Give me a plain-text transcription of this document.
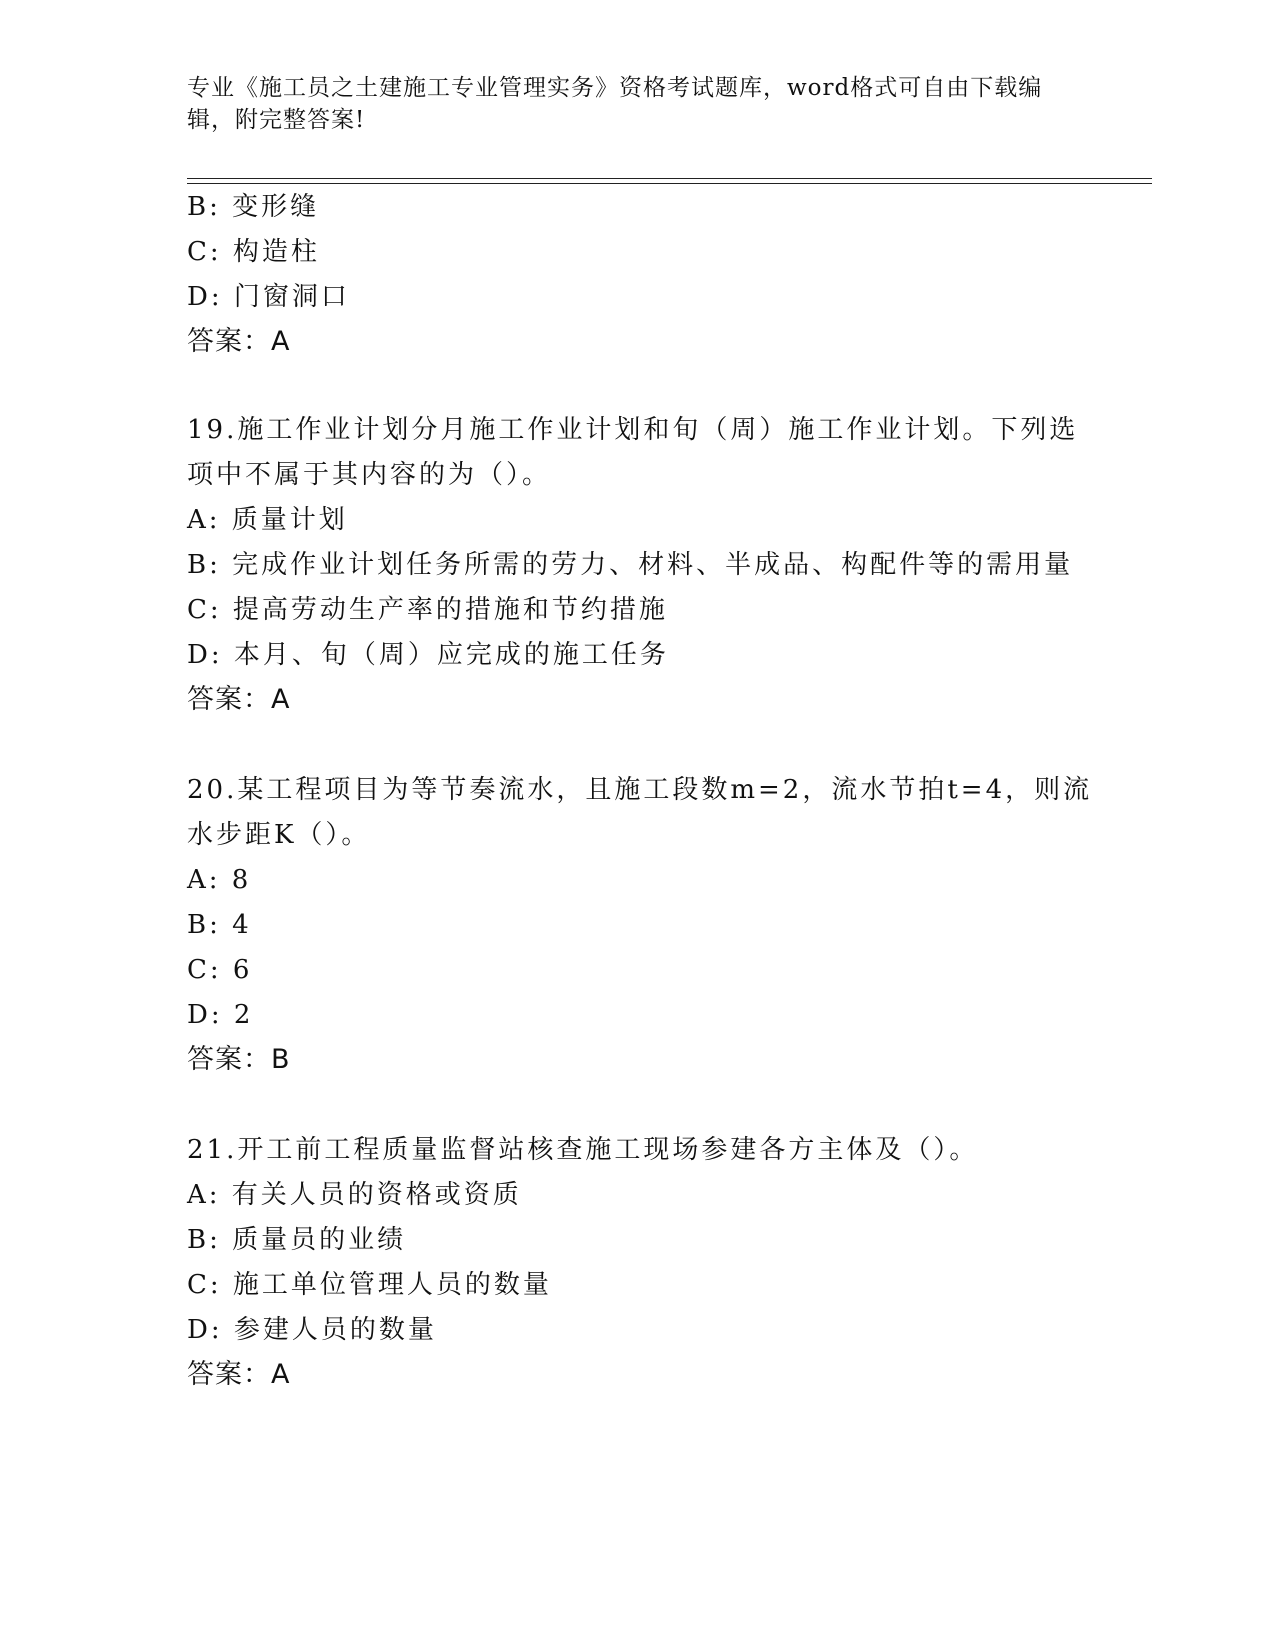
专业《施工员之土建施工专业管理实务》资格考试题库，word格式可自由下载编
辑，附完整答案!
B: 变形缝
C: 构造柱
D: 门窗洞口
答案：A
19.施工作业计划分月施工作业计划和旬（周）施工作业计划。下列选
项中不属于其内容的为（）。
A: 质量计划
B: 完成作业计划任务所需的劳力、材料、半成品、构配件等的需用量
C: 提高劳动生产率的措施和节约措施
D: 本月、旬（周）应完成的施工任务
答案：A
20.某工程项目为等节奏流水，且施工段数m=2，流水节拍t=4，则流
水步距K（）。
A: 8
B: 4
C: 6
D: 2
答案：B
21.开工前工程质量监督站核查施工现场参建各方主体及（）。
A: 有关人员的资格或资质
B: 质量员的业绩
C: 施工单位管理人员的数量
D: 参建人员的数量
答案：A
